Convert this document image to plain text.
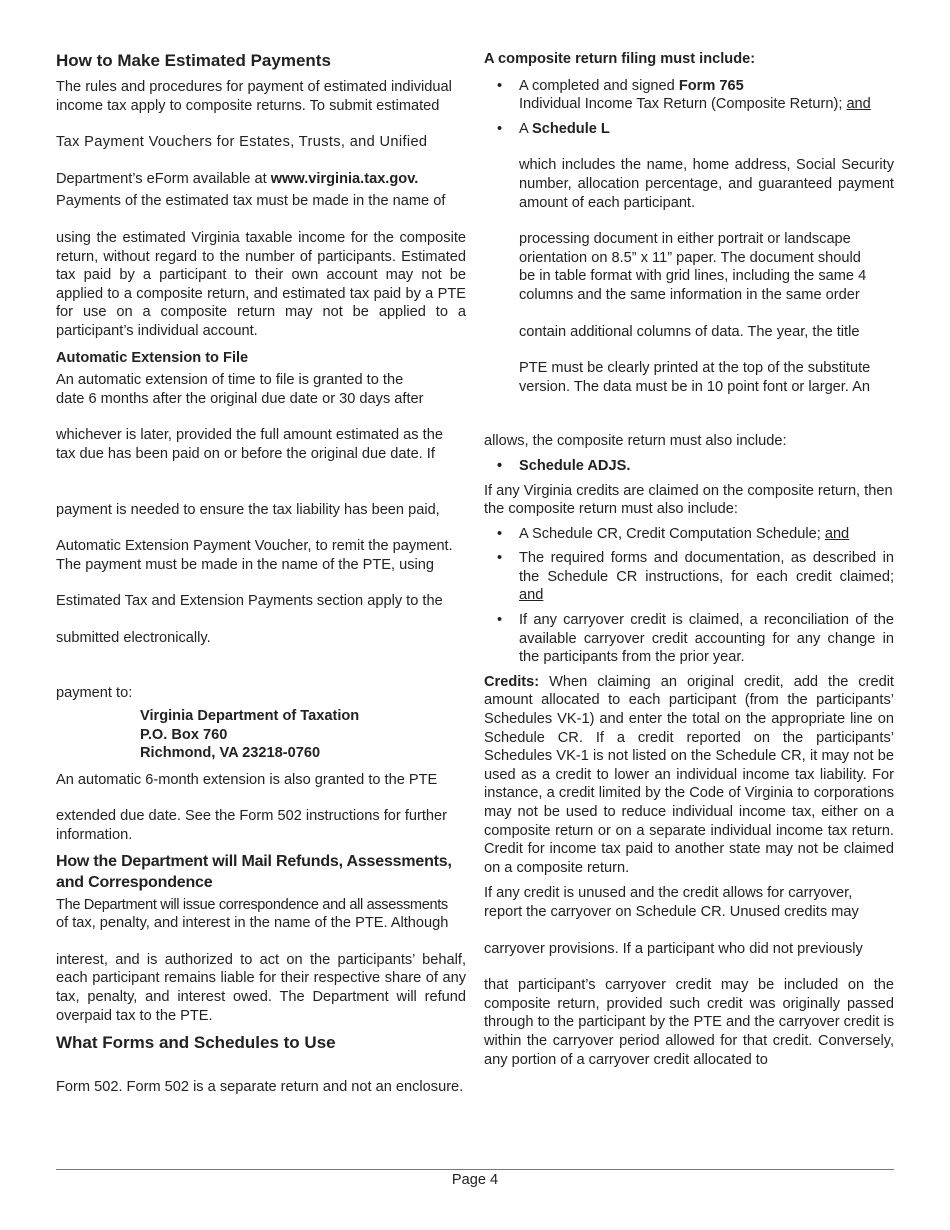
How to Make Estimated Payments
The rules and procedures for payment of estimated individual
income tax apply to composite returns. To submit estimated
Tax Payment Vouchers for Estates, Trusts, and Unified
Department’s eForm available at www.virginia.tax.gov.
Payments of the estimated tax must be made in the name of

using the estimated Virginia taxable income for the composite return, without regard to the number of participants. Estimated tax paid by a participant to their own account may not be applied to a composite return, and estimated tax paid by a PTE for use on a composite return may not be applied to a participant’s individual account.

Automatic Extension to File
An automatic extension of time to file is granted to the
date 6 months after the original due date or 30 days after
whichever is later, provided the full amount estimated as the
tax due has been paid on or before the original due date. If
payment is needed to ensure the tax liability has been paid,
Automatic Extension Payment Voucher, to remit the payment.
The payment must be made in the name of the PTE, using
Estimated Tax and Extension Payments section apply to the
submitted electronically.
payment to:
Virginia Department of Taxation
P.O. Box 760
Richmond, VA 23218-0760
An automatic 6-month extension is also granted to the PTE
extended due date. See the Form 502 instructions for further
information.
How the Department will Mail Refunds, Assessments, and Correspondence
The Department will issue correspondence and all assessments
of tax, penalty, and interest in the name of the PTE. Although

interest, and is authorized to act on the participants’ behalf, each participant remains liable for their respective share of any tax, penalty, and interest owed. The Department will refund overpaid tax to the PTE.

What Forms and Schedules to Use
Form 502. Form 502 is a separate return and not an enclosure.
A composite return filing must include:
• A completed and signed Form 765
Individual Income Tax Return (Composite Return); and
• A Schedule L

which includes the name, home address, Social Security number, allocation percentage, and guaranteed payment amount of each participant.

processing document in either portrait or landscape
orientation on 8.5” x 11” paper. The document should
be in table format with grid lines, including the same 4
columns and the same information in the same order
contain additional columns of data. The year, the title
PTE must be clearly printed at the top of the substitute
version. The data must be in 10 point font or larger. An
allows, the composite return must also include:
• Schedule ADJS.

If any Virginia credits are claimed on the composite return, then the composite return must also include:

• A Schedule CR, Credit Computation Schedule; and
• The required forms and documentation, as described in the Schedule CR instructions, for each credit claimed; and
• If any carryover credit is claimed, a reconciliation of the available carryover credit accounting for any change in the participants from the prior year.

Credits: When claiming an original credit, add the credit amount allocated to each participant (from the participants’ Schedules VK-1) and enter the total on the appropriate line on Schedule CR. If a credit reported on the participants’ Schedules VK-1 is not listed on the Schedule CR, it may not be used as a credit to lower an individual income tax liability. For instance, a credit limited by the Code of Virginia to corporations may not be used to reduce individual income tax, either on a composite return or on a separate individual income tax return. Credit for income tax paid to another state may not be claimed on a composite return.

If any credit is unused and the credit allows for carryover,
report the carryover on Schedule CR. Unused credits may
carryover provisions. If a participant who did not previously

that participant’s carryover credit may be included on the composite return, provided such credit was originally passed through to the participant by the PTE and the carryover credit is within the carryover period allowed for that credit. Conversely, any portion of a carryover credit allocated to

Page 4
